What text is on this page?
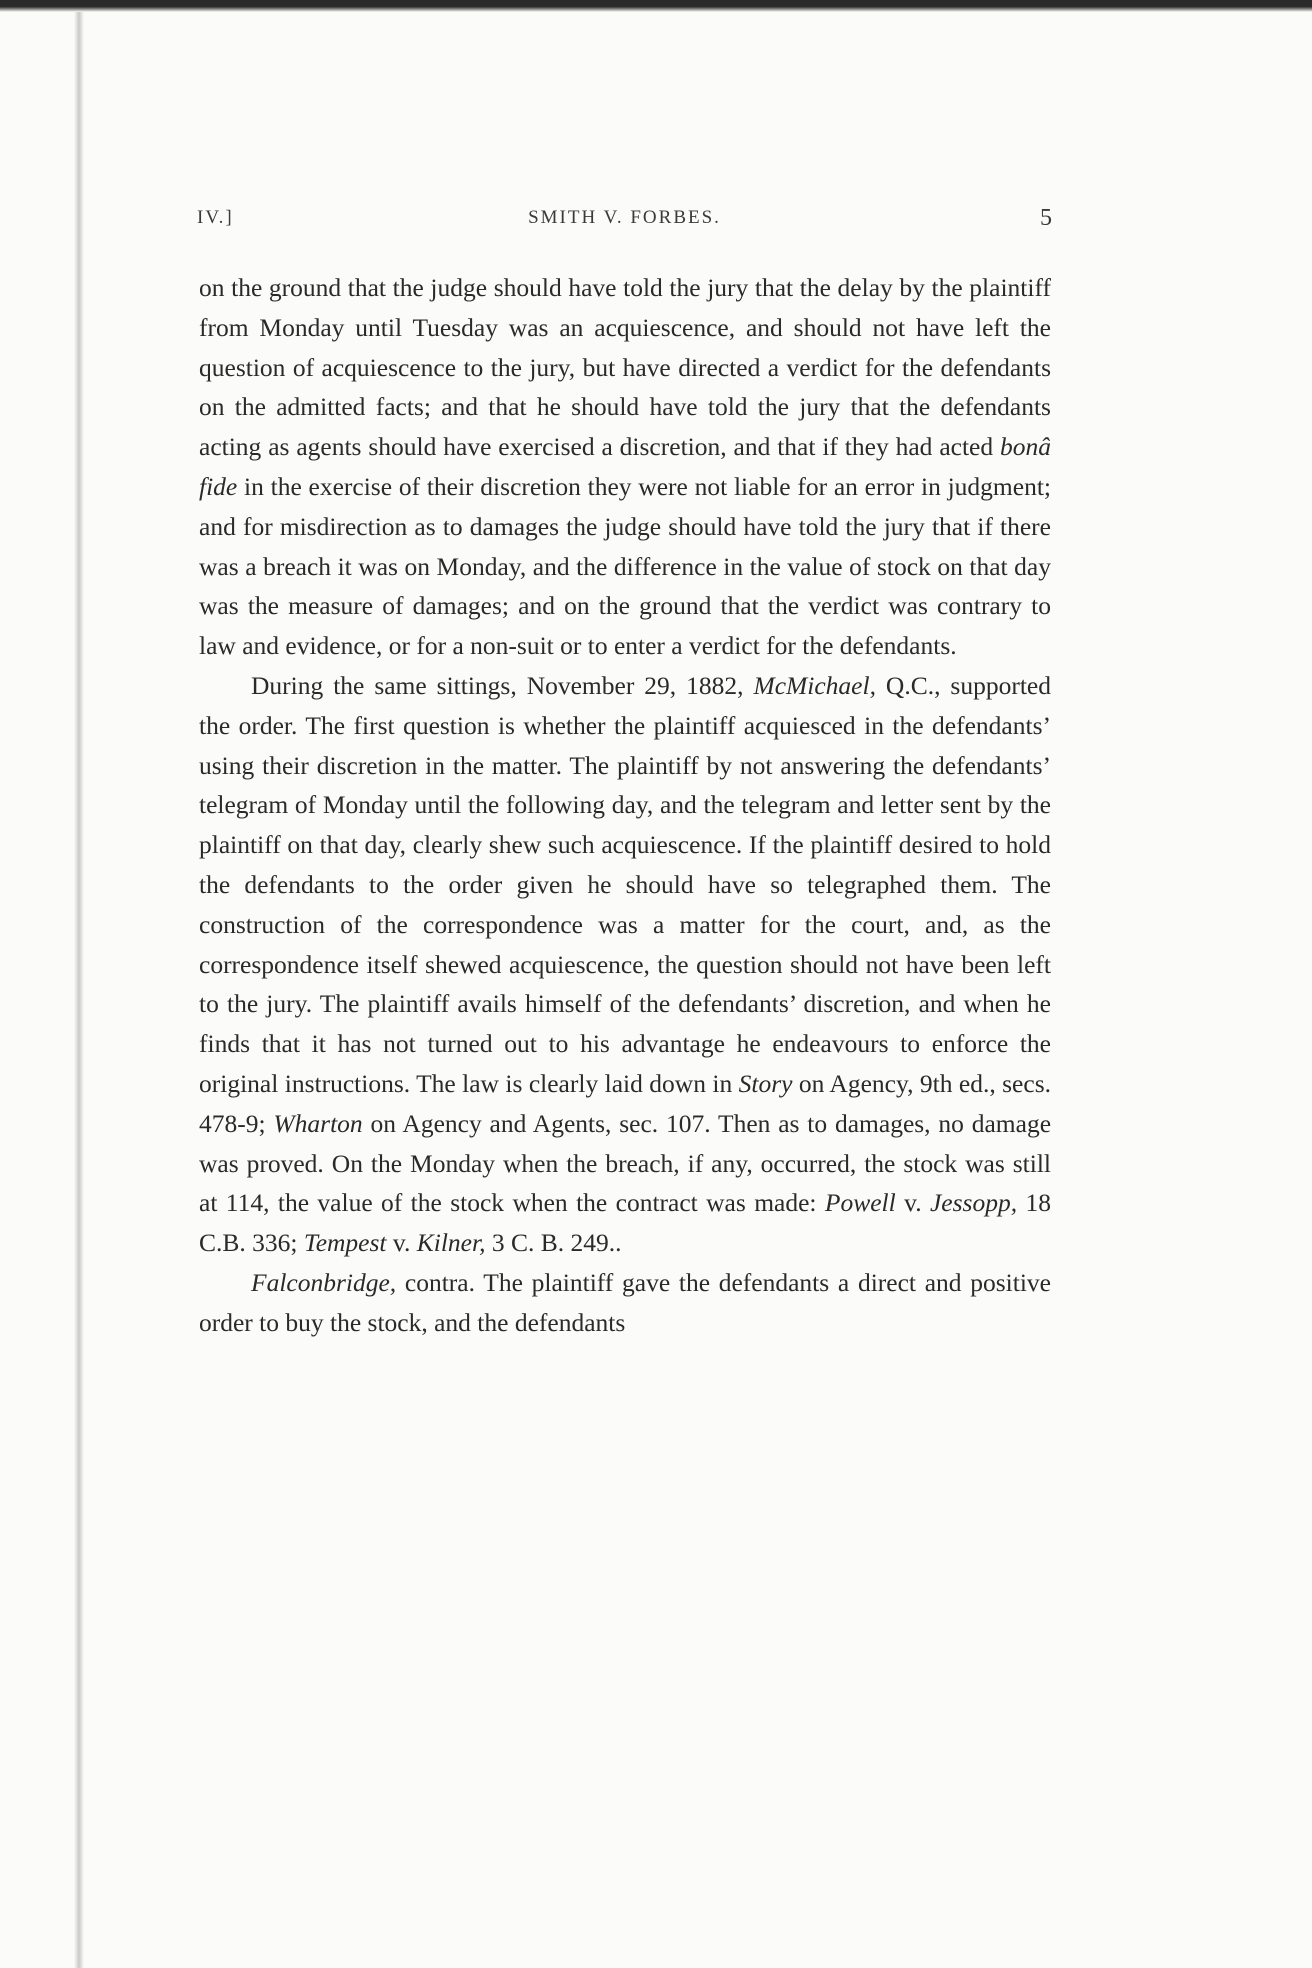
IV.]	SMITH V. FORBES.	5

on the ground that the judge should have told the jury that the delay by the plaintiff from Monday until Tuesday was an acquiescence, and should not have left the question of acquiescence to the jury, but have directed a verdict for the defendants on the admitted facts; and that he should have told the jury that the defendants acting as agents should have exercised a discretion, and that if they had acted bonâ fide in the exercise of their discretion they were not liable for an error in judgment; and for misdirection as to damages the judge should have told the jury that if there was a breach it was on Monday, and the difference in the value of stock on that day was the measure of damages; and on the ground that the verdict was contrary to law and evidence, or for a non-suit or to enter a verdict for the defendants.

During the same sittings, November 29, 1882, McMichael, Q.C., supported the order. The first question is whether the plaintiff acquiesced in the defendants’ using their discretion in the matter. The plaintiff by not answering the defendants’ telegram of Monday until the following day, and the telegram and letter sent by the plaintiff on that day, clearly shew such acquiescence. If the plaintiff desired to hold the defendants to the order given he should have so telegraphed them. The construction of the correspondence was a matter for the court, and, as the correspondence itself shewed acquiescence, the question should not have been left to the jury. The plaintiff avails himself of the defendants’ discretion, and when he finds that it has not turned out to his advantage he endeavours to enforce the original instructions. The law is clearly laid down in Story on Agency, 9th ed., secs. 478-9; Wharton on Agency and Agents, sec. 107. Then as to damages, no damage was proved. On the Monday when the breach, if any, occurred, the stock was still at 114, the value of the stock when the contract was made: Powell v. Jessopp, 18 C.B. 336; Tempest v. Kilner, 3 C. B. 249..

Falconbridge, contra. The plaintiff gave the defendants a direct and positive order to buy the stock, and the defendants
